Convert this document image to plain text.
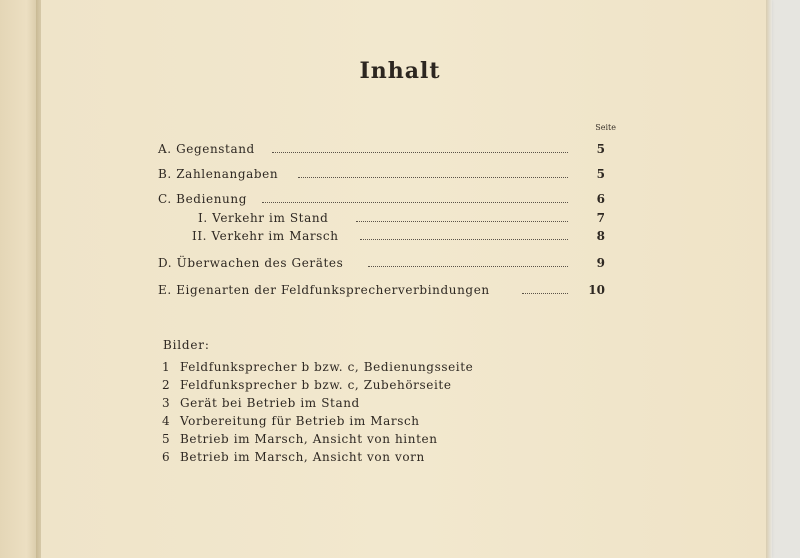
Inhalt
Seite
A. Gegenstand	5
B. Zahlenangaben	5
C. Bedienung	6
I. Verkehr im Stand	7
II. Verkehr im Marsch	8
D. Überwachen des Gerätes	9
E. Eigenarten der Feldfunksprecherverbindungen	10
Bilder:
1 Feldfunksprecher b bzw. c, Bedienungsseite
2 Feldfunksprecher b bzw. c, Zubehörseite
3 Gerät bei Betrieb im Stand
4 Vorbereitung für Betrieb im Marsch
5 Betrieb im Marsch, Ansicht von hinten
6 Betrieb im Marsch, Ansicht von vorn
